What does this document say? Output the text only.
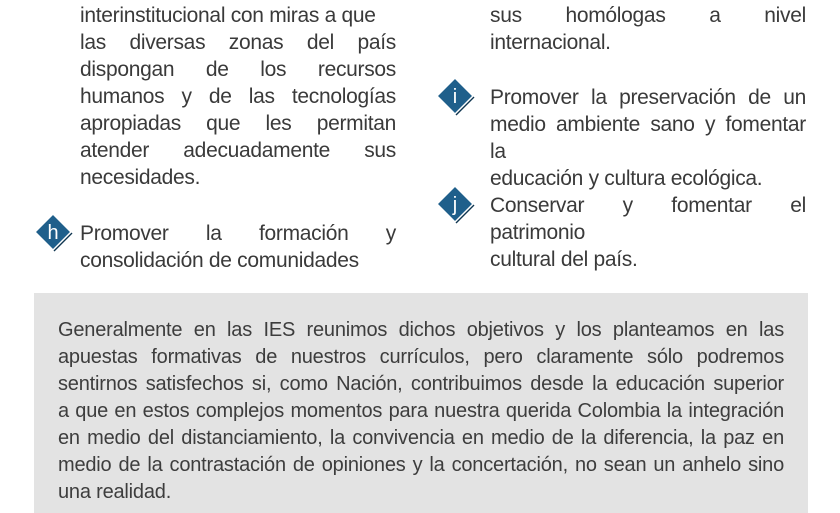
interinstitucional con miras a que
las diversas zonas del país
dispongan de los recursos
humanos y de las tecnologías
apropiadas que les permitan
atender adecuadamente sus
necesidades.
h Promover la formación y
consolidación de comunidades
sus homólogas a nivel
internacional.
i Promover la preservación de un
medio ambiente sano y fomentar la
educación y cultura ecológica.
j Conservar y fomentar el patrimonio
cultural del país.
Generalmente en las IES reunimos dichos objetivos y los planteamos en las
apuestas formativas de nuestros currículos, pero claramente sólo podremos
sentirnos satisfechos si, como Nación, contribuimos desde la educación superior
a que en estos complejos momentos para nuestra querida Colombia la integración
en medio del distanciamiento, la convivencia en medio de la diferencia, la paz en
medio de la contrastación de opiniones y la concertación, no sean un anhelo sino
una realidad.
